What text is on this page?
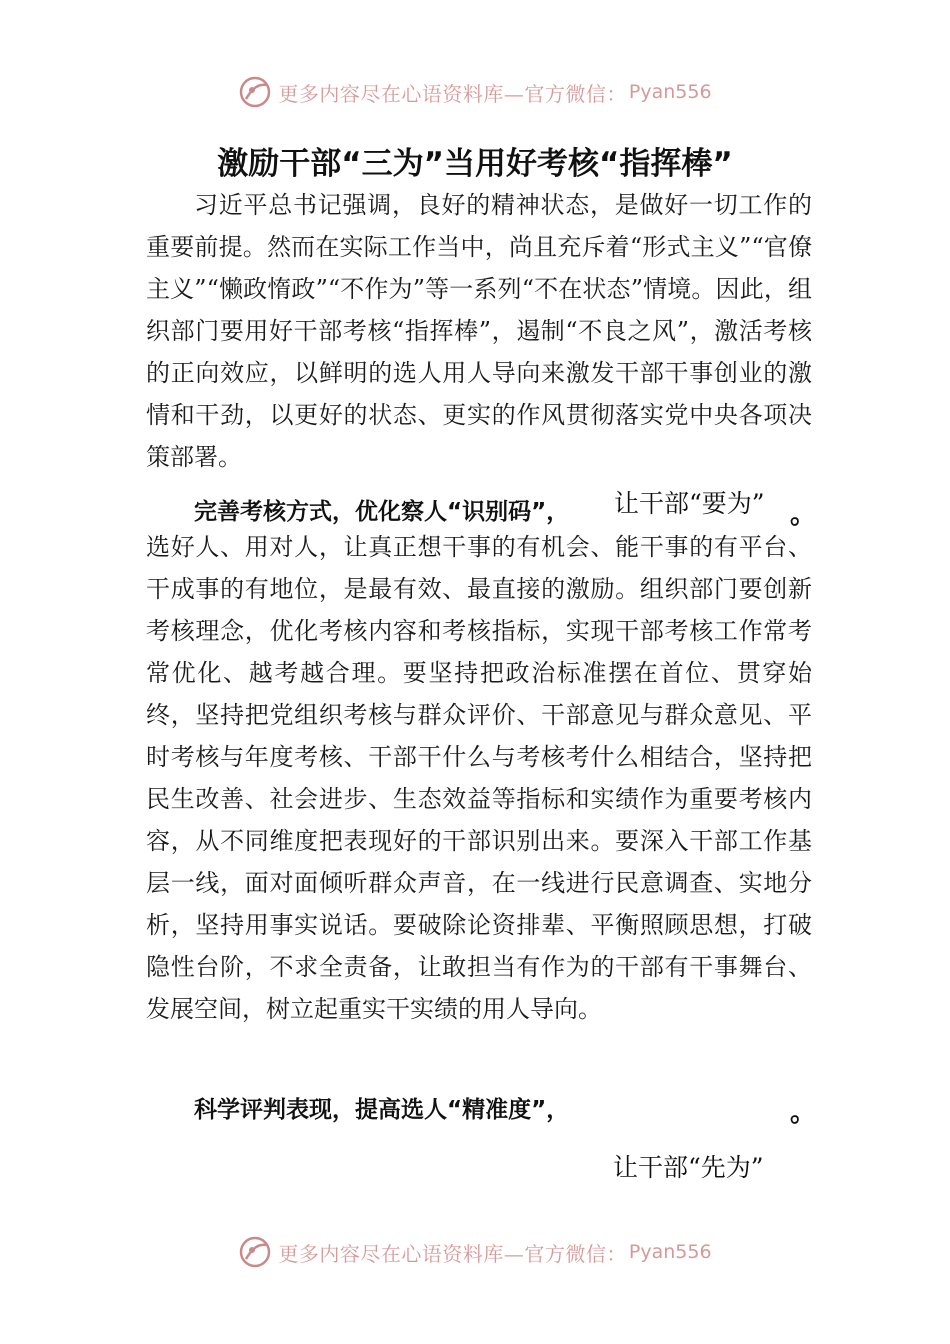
更多内容尽在心语资料库—官方微信： Pyan556
激励干部“三为”当用好考核“指挥棒”
习近平总书记强调，良好的精神状态，是做好一切工作的重要前提。然而在实际工作当中，尚且充斥着“形式主义”“官僚主义”“懒政惰政”“不作为”等一系列“不在状态”情境。因此，组织部门要用好干部考核“指挥棒”，遏制“不良之风”，激活考核的正向效应，以鲜明的选人用人导向来激发干部干事创业的激情和干劲，以更好的状态、更实的作风贯彻落实党中央各项决策部署。
完善考核方式，优化察人“识别码”， 让干部“要为” 。
选好人、用对人，让真正想干事的有机会、能干事的有平台、干成事的有地位，是最有效、最直接的激励。组织部门要创新考核理念，优化考核内容和考核指标，实现干部考核工作常考常优化、越考越合理。要坚持把政治标准摆在首位、贯穿始终，坚持把党组织考核与群众评价、干部意见与群众意见、平时考核与年度考核、干部干什么与考核考什么相结合，坚持把民生改善、社会进步、生态效益等指标和实绩作为重要考核内容，从不同维度把表现好的干部识别出来。要深入干部工作基层一线，面对面倾听群众声音，在一线进行民意调查、实地分析，坚持用事实说话。要破除论资排辈、平衡照顾思想，打破隐性台阶，不求全责备，让敢担当有作为的干部有干事舞台、发展空间，树立起重实干实绩的用人导向。
科学评判表现，提高选人“精准度”，	。
让干部“先为”
更多内容尽在心语资料库—官方微信： Pyan556
